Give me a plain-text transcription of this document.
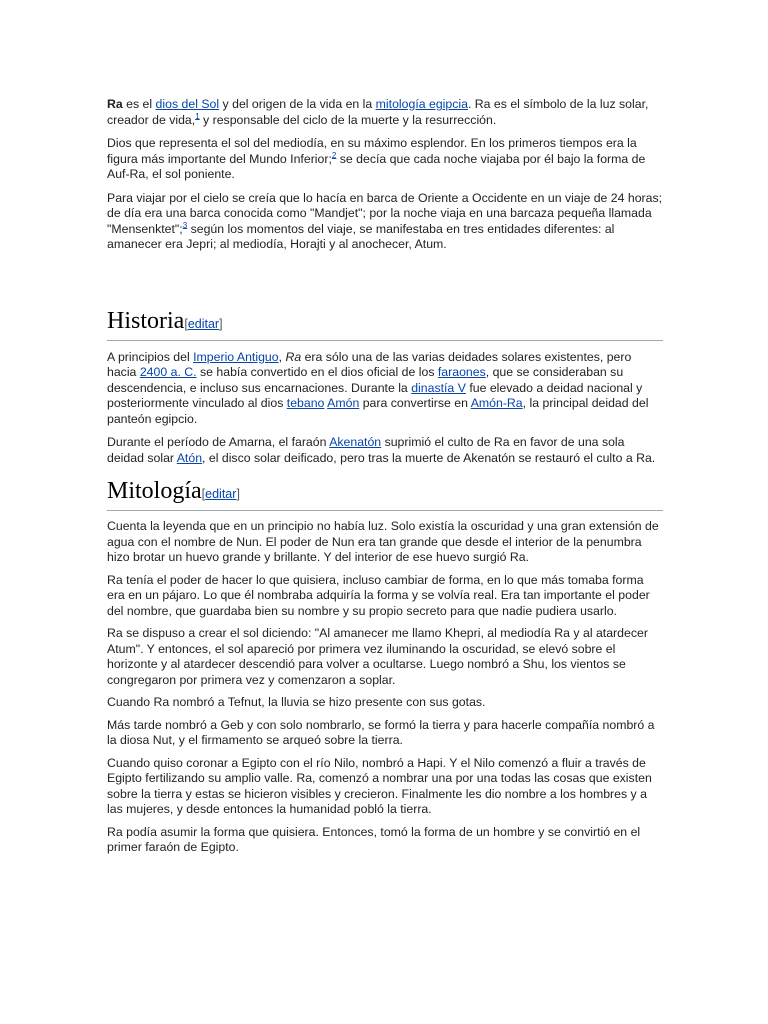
Ra es el dios del Sol y del origen de la vida en la mitología egipcia. Ra es el símbolo de la luz solar, creador de vida,$^1$ y responsable del ciclo de la muerte y la resurrección.

Dios que representa el sol del mediodía, en su máximo esplendor. En los primeros tiempos era la figura más importante del Mundo Inferior;$^2$ se decía que cada noche viajaba por él bajo la forma de Auf-Ra, el sol poniente.

Para viajar por el cielo se creía que lo hacía en barca de Oriente a Occidente en un viaje de 24 horas; de día era una barca conocida como "Mandjet"; por la noche viaja en una barcaza pequeña llamada "Mensenktet";$^3$ según los momentos del viaje, se manifestaba en tres entidades diferentes: al amanecer era Jepri; al mediodía, Horajti y al anochecer, Atum.

Historia[editar]

A principios del Imperio Antiguo, Ra era sólo una de las varias deidades solares existentes, pero hacia 2400 a. C. se había convertido en el dios oficial de los faraones, que se consideraban su descendencia, e incluso sus encarnaciones. Durante la dinastía V fue elevado a deidad nacional y posteriormente vinculado al dios tebano Amón para convertirse en Amón-Ra, la principal deidad del panteón egipcio.

Durante el período de Amarna, el faraón Akenatón suprimió el culto de Ra en favor de una sola deidad solar Atón, el disco solar deificado, pero tras la muerte de Akenatón se restauró el culto a Ra.

Mitología[editar]

Cuenta la leyenda que en un principio no había luz. Solo existía la oscuridad y una gran extensión de agua con el nombre de Nun. El poder de Nun era tan grande que desde el interior de la penumbra hizo brotar un huevo grande y brillante. Y del interior de ese huevo surgió Ra.

Ra tenía el poder de hacer lo que quisiera, incluso cambiar de forma, en lo que más tomaba forma era en un pájaro. Lo que él nombraba adquiría la forma y se volvía real. Era tan importante el poder del nombre, que guardaba bien su nombre y su propio secreto para que nadie pudiera usarlo.

Ra se dispuso a crear el sol diciendo: "Al amanecer me llamo Khepri, al mediodía Ra y al atardecer Atum". Y entonces, el sol apareció por primera vez iluminando la oscuridad, se elevó sobre el horizonte y al atardecer descendió para volver a ocultarse. Luego nombró a Shu, los vientos se congregaron por primera vez y comenzaron a soplar.

Cuando Ra nombró a Tefnut, la lluvia se hizo presente con sus gotas.

Más tarde nombró a Geb y con solo nombrarlo, se formó la tierra y para hacerle compañía nombró a la diosa Nut, y el firmamento se arqueó sobre la tierra.

Cuando quiso coronar a Egipto con el río Nilo, nombró a Hapi. Y el Nilo comenzó a fluir a través de Egipto fertilizando su amplio valle. Ra, comenzó a nombrar una por una todas las cosas que existen sobre la tierra y estas se hicieron visibles y crecieron. Finalmente les dio nombre a los hombres y a las mujeres, y desde entonces la humanidad pobló la tierra.

Ra podía asumir la forma que quisiera. Entonces, tomó la forma de un hombre y se convirtió en el primer faraón de Egipto.
